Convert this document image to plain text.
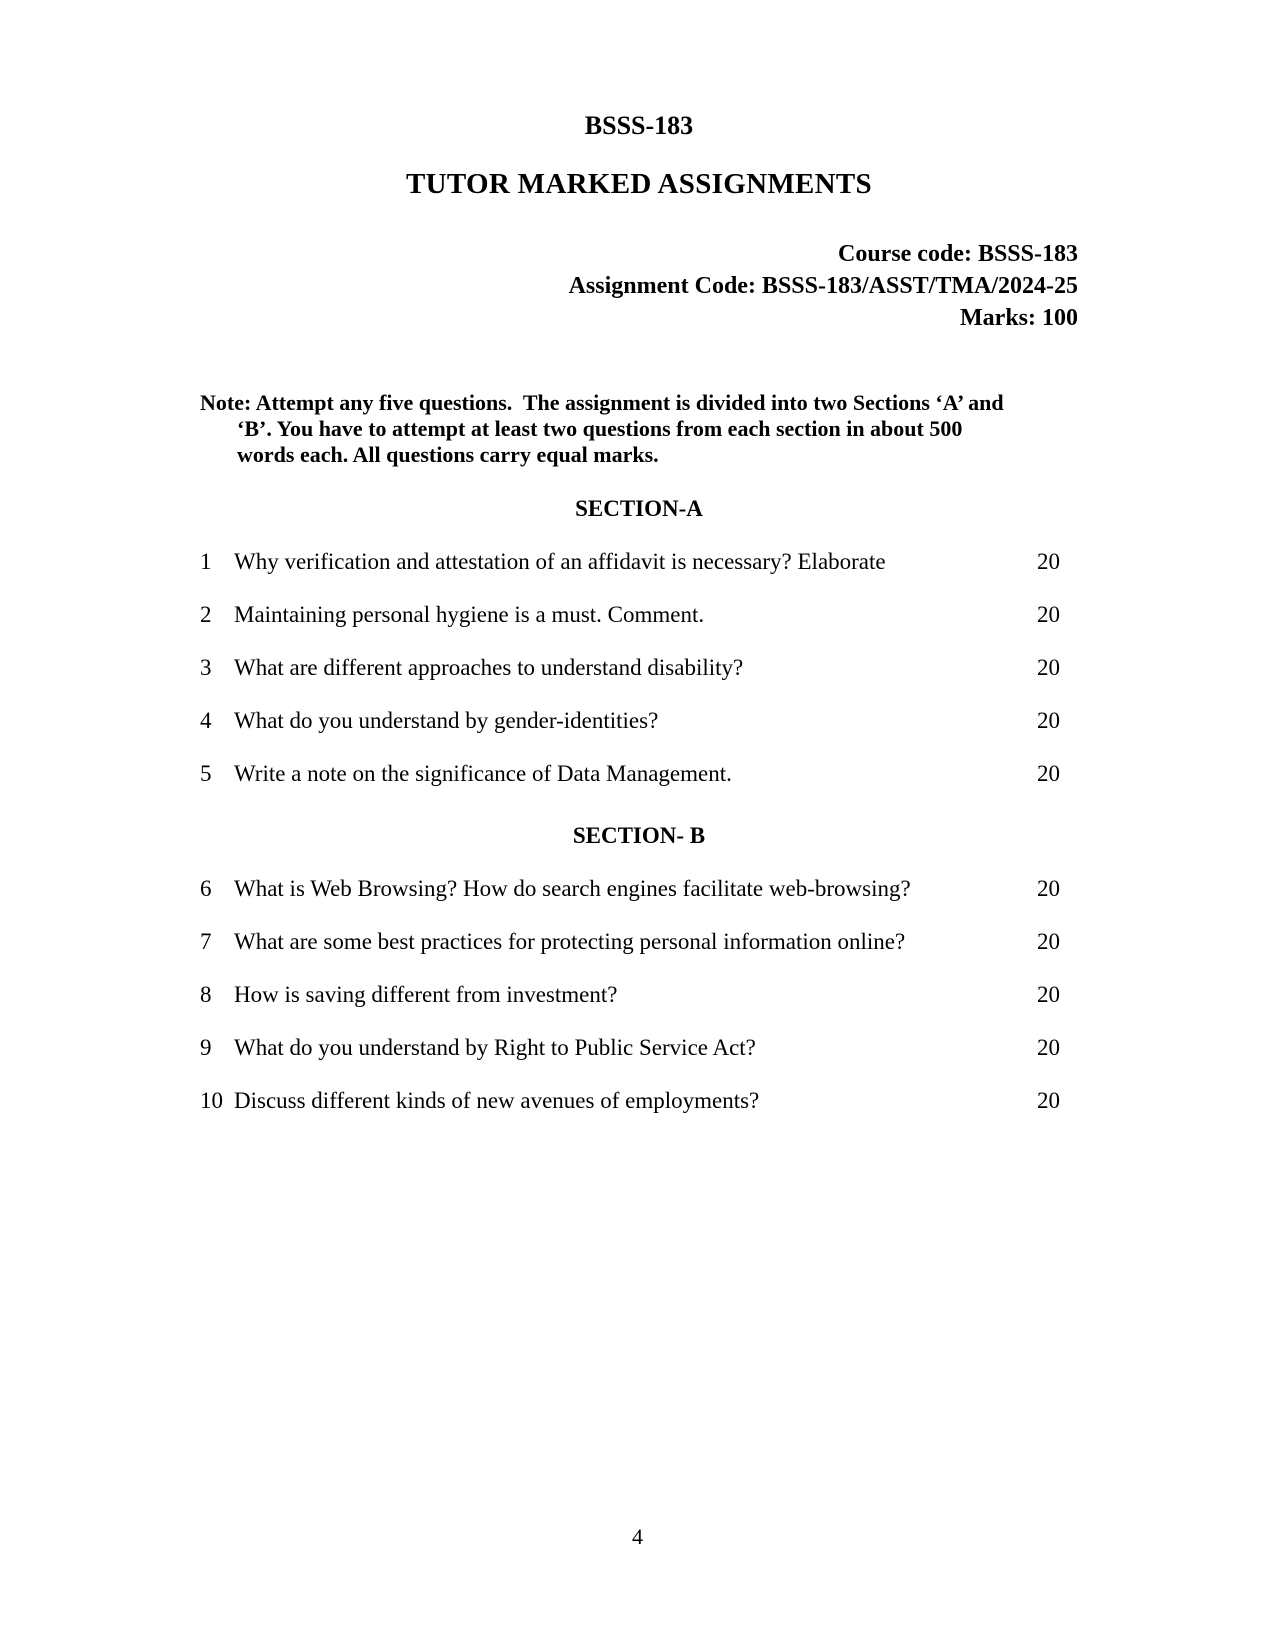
BSSS-183
TUTOR MARKED ASSIGNMENTS
Course code: BSSS-183
Assignment Code: BSSS-183/ASST/TMA/2024-25
Marks: 100
Note: Attempt any five questions.  The assignment is divided into two Sections ‘A’ and
‘B’. You have to attempt at least two questions from each section in about 500
words each. All questions carry equal marks.
SECTION-A
1 Why verification and attestation of an affidavit is necessary? Elaborate	20
2 Maintaining personal hygiene is a must. Comment.	20
3 What are different approaches to understand disability?	20
4 What do you understand by gender-identities?	20
5 Write a note on the significance of Data Management.	20
SECTION- B
6 What is Web Browsing? How do search engines facilitate web-browsing?	20
7 What are some best practices for protecting personal information online?	20
8 How is saving different from investment?	20
9 What do you understand by Right to Public Service Act?	20
10 Discuss different kinds of new avenues of employments?	20
4
